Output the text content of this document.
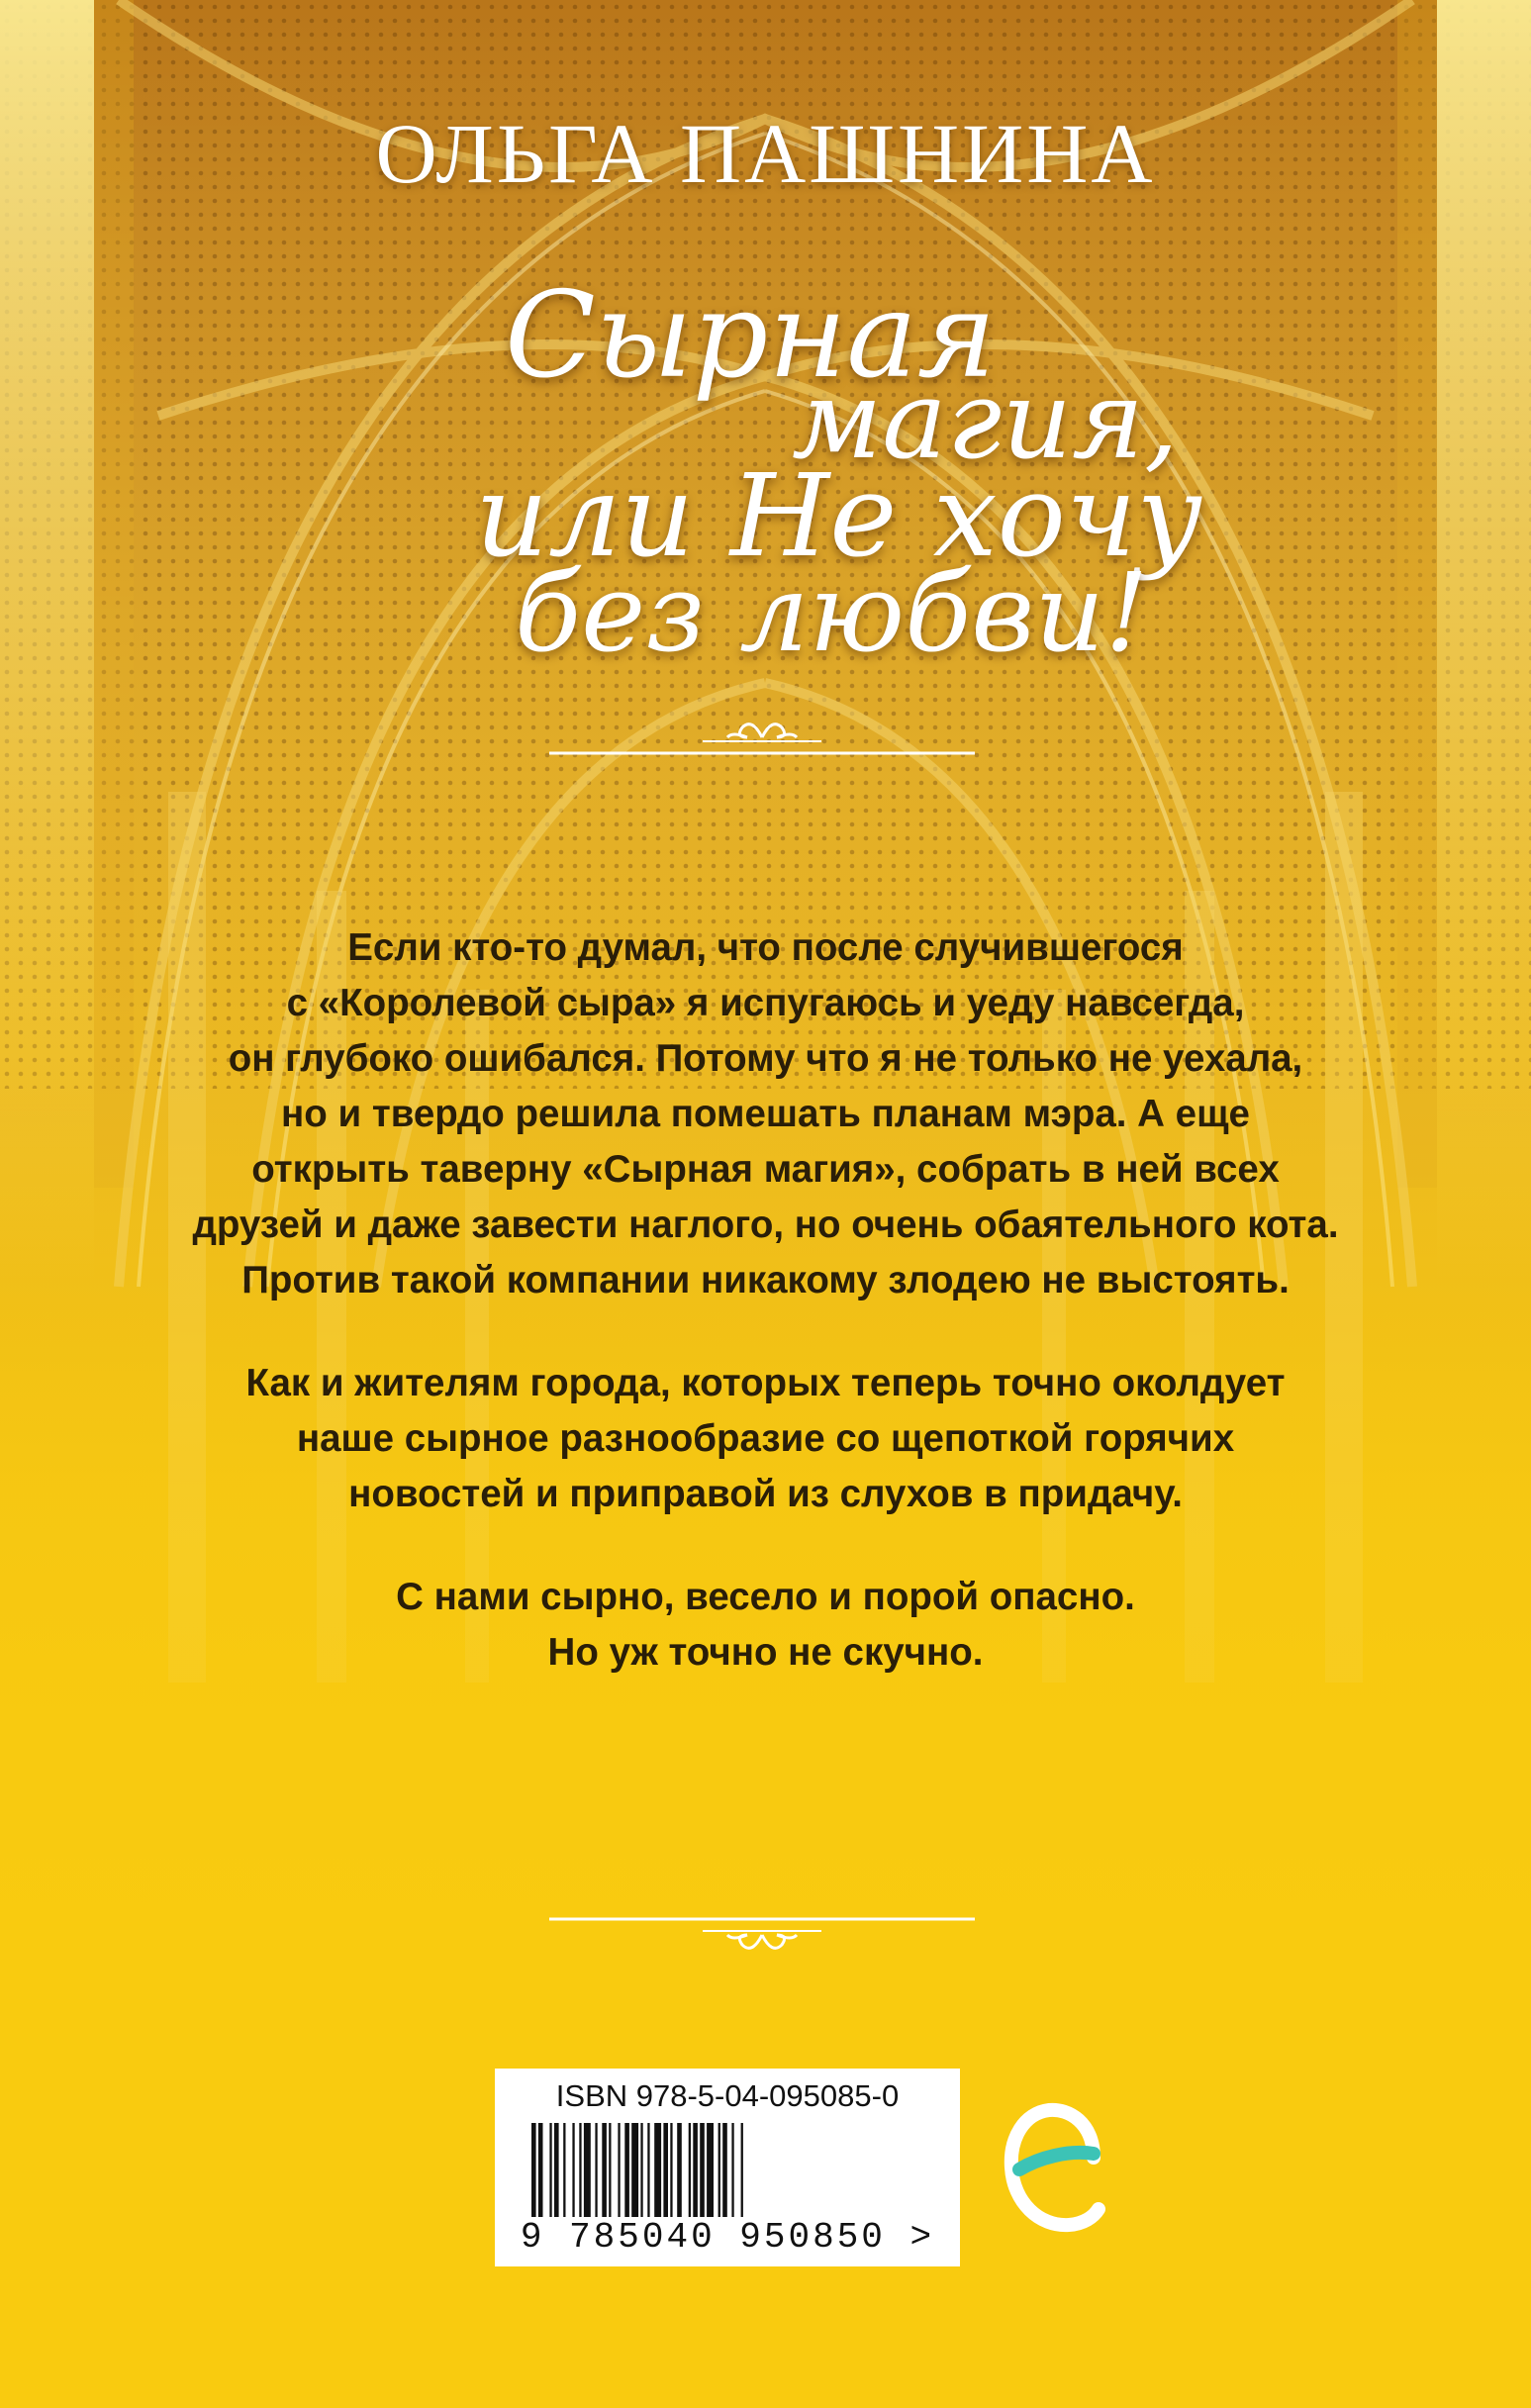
ОЛЬГА ПАШНИНА
Сырная
магия,
или Не хочу
без любви!

Если кто-то думал, что после случившегося
с «Королевой сыра» я испугаюсь и уеду навсегда,
он глубоко ошибался. Потому что я не только не уехала,
но и твердо решила помешать планам мэра. А еще
открыть таверну «Сырная магия», собрать в ней всех
друзей и даже завести наглого, но очень обаятельного кота.
Против такой компании никакому злодею не выстоять.

Как и жителям города, которых теперь точно околдует
наше сырное разнообразие со щепоткой горячих
новостей и приправой из слухов в придачу.

С нами сырно, весело и порой опасно.
Но уж точно не скучно.

ISBN 978-5-04-095085-0
9 785040 950850 >
